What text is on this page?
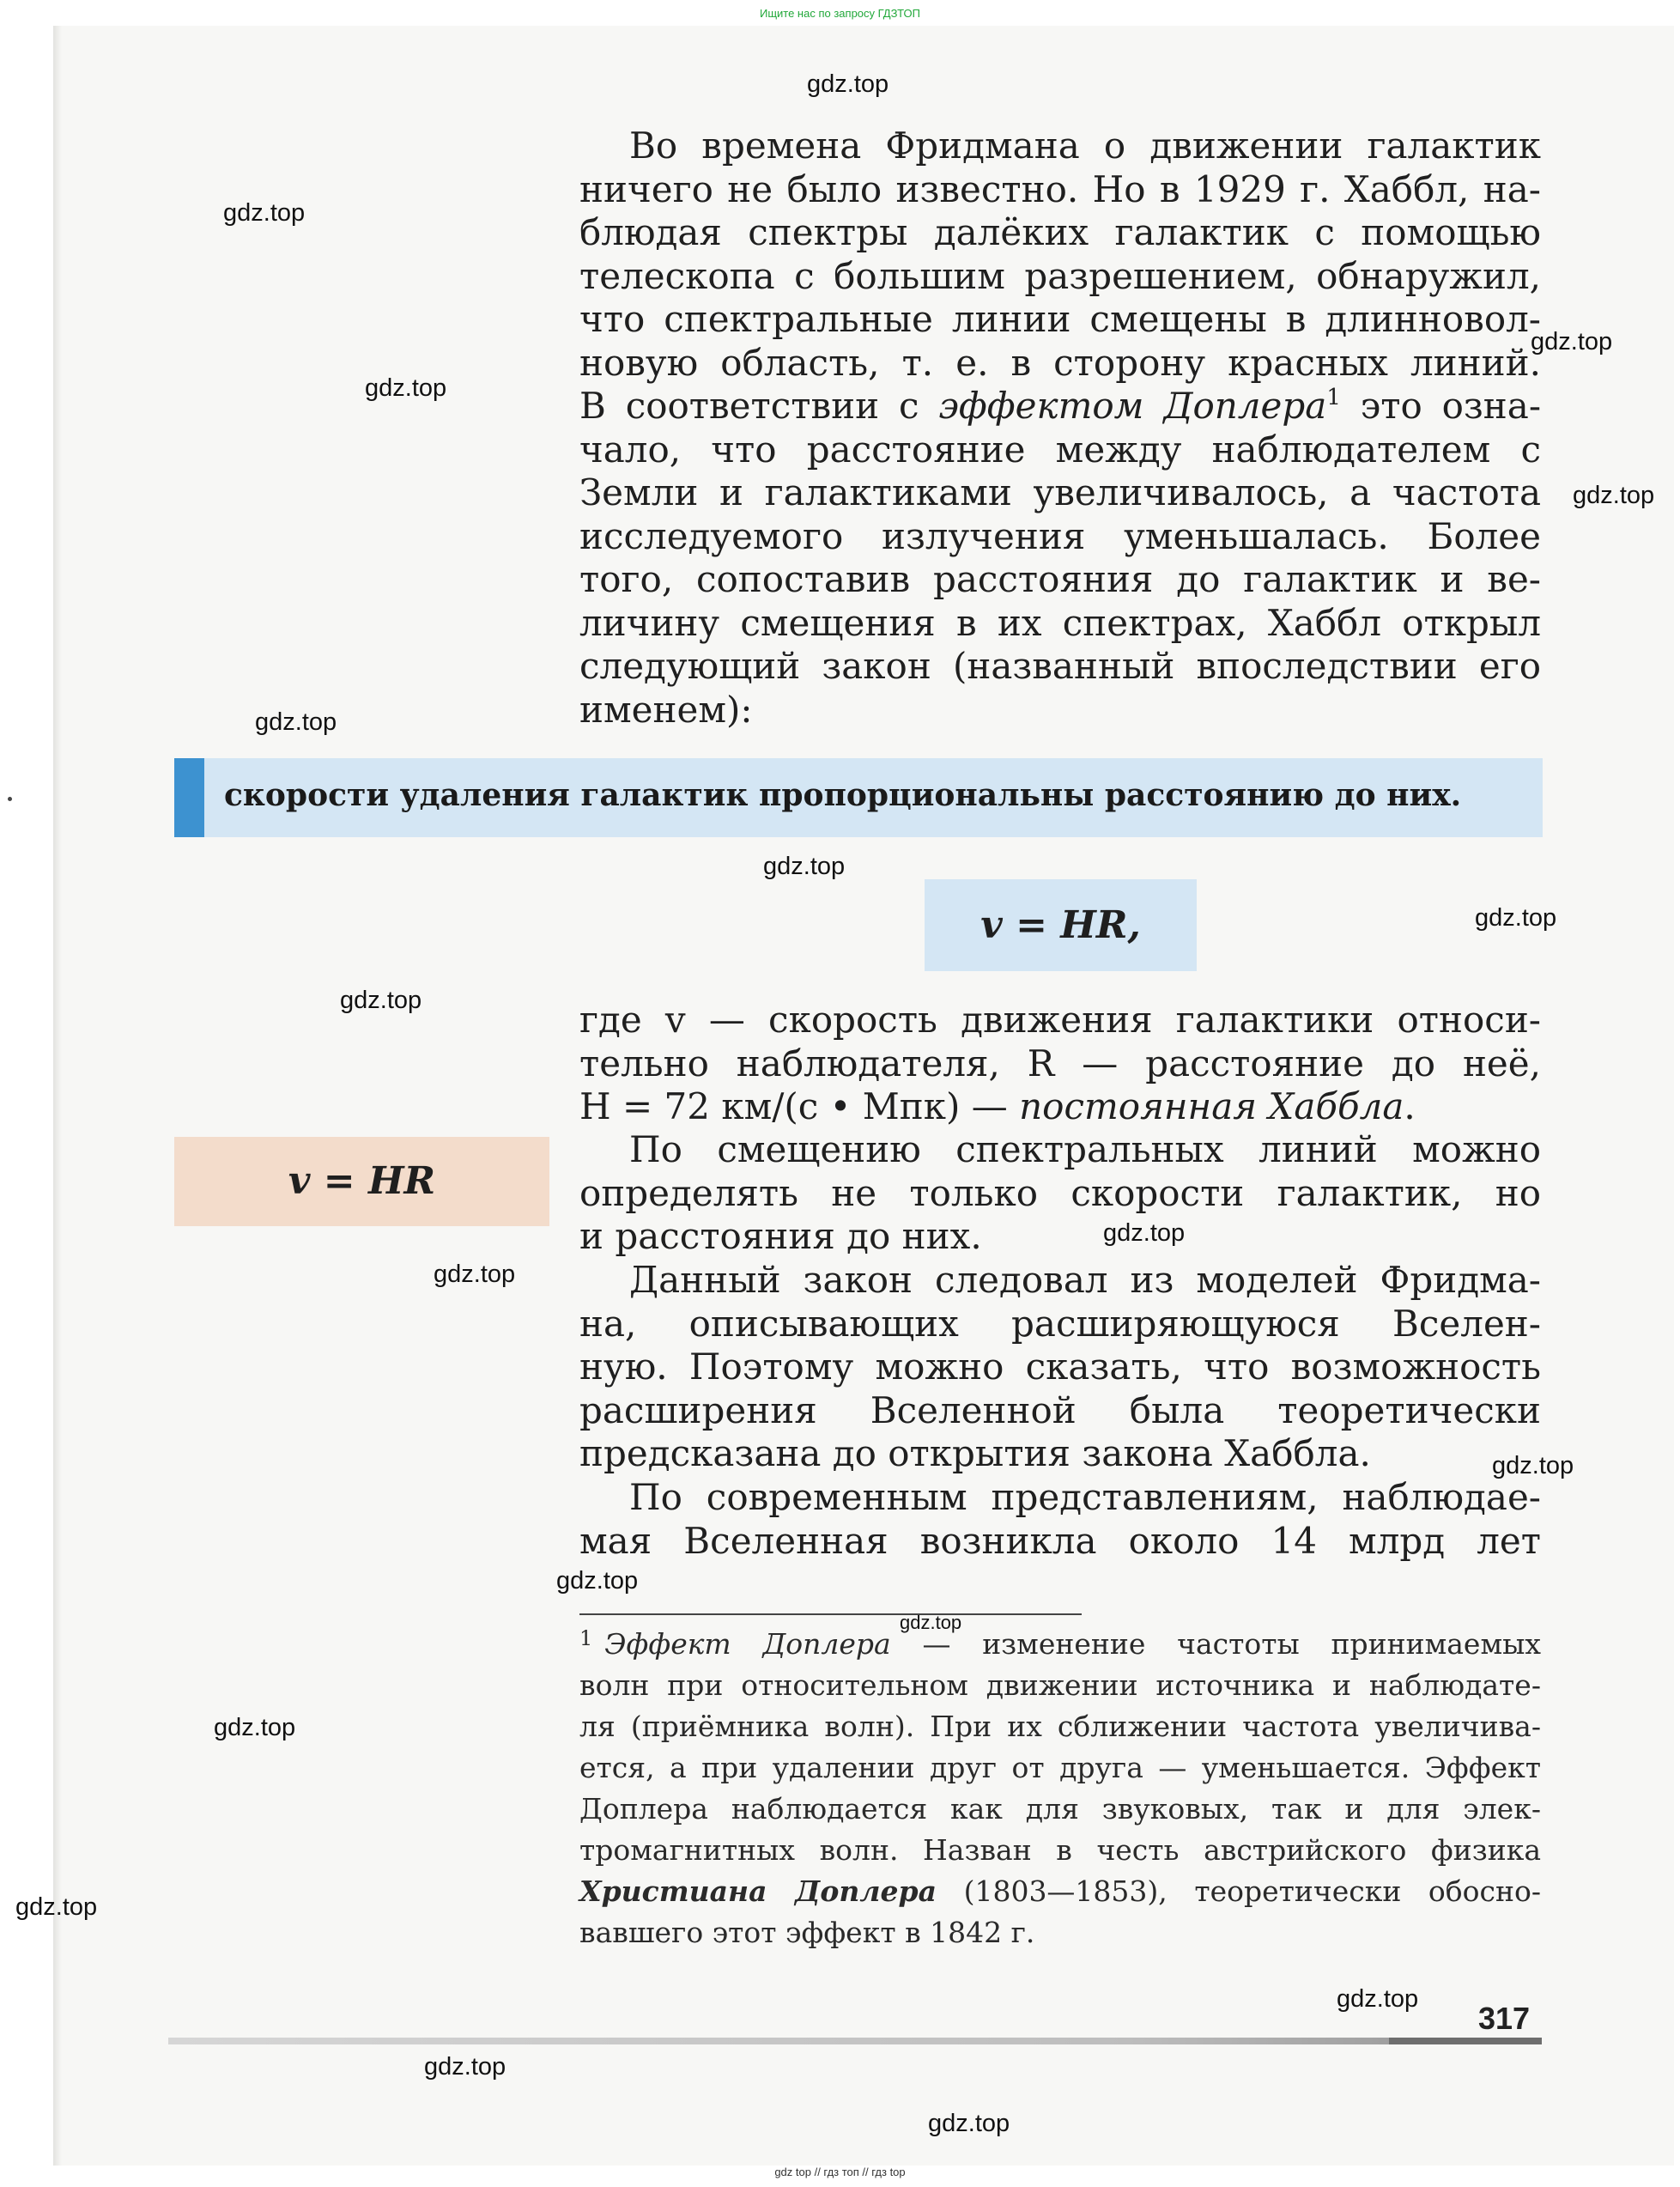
Ищите нас по запросу ГДЗТОП
Во времена Фридмана о движении галактик
ничего не было известно. Но в 1929 г. Хаббл, на-
блюдая спектры далёких галактик с помощью
телескопа с большим разрешением, обнаружил,
что спектральные линии смещены в длинновол-
новую область, т. е. в сторону красных линий.
В соответствии с эффектом Доплера$^1$ это озна-
чало, что расстояние между наблюдателем с
Земли и галактиками увеличивалось, а частота
исследуемого излучения уменьшалась. Более
того, сопоставив расстояния до галактик и ве-
личину смещения в их спектрах, Хаббл открыл
следующий закон (названный впоследствии его
именем):
скорости удаления галактик пропорциональны расстоянию до них.
v = HR,
v = HR
где v — скорость движения галактики относи-
тельно наблюдателя, R — расстояние до неё,
H = 72 км/(с • Мпк) — постоянная Хаббла.
По смещению спектральных линий можно
определять не только скорости галактик, но
и расстояния до них.
Данный закон следовал из моделей Фридма-
на, описывающих расширяющуюся Вселен-
ную. Поэтому можно сказать, что возможность
расширения Вселенной была теоретически
предсказана до открытия закона Хаббла.
По современным представлениям, наблюдае-
мая Вселенная возникла около 14 млрд лет
$^1$ Эффект Доплера — изменение частоты принимаемых
волн при относительном движении источника и наблюдате-
ля (приёмника волн). При их сближении частота увеличива-
ется, а при удалении друг от друга — уменьшается. Эффект
Доплера наблюдается как для звуковых, так и для элек-
тромагнитных волн. Назван в честь австрийского физика
Христиана Доплера (1803—1853), теоретически обосно-
вавшего этот эффект в 1842 г.
317
gdz.top
gdz.top
gdz.top
gdz.top
gdz.top
gdz.top
gdz.top
gdz.top
gdz.top
gdz.top
gdz.top
gdz.top
gdz.top
gdz.top
gdz.top
gdz.top
gdz.top
gdz.top
gdz.top
gdz top // гдз топ // гдз top
